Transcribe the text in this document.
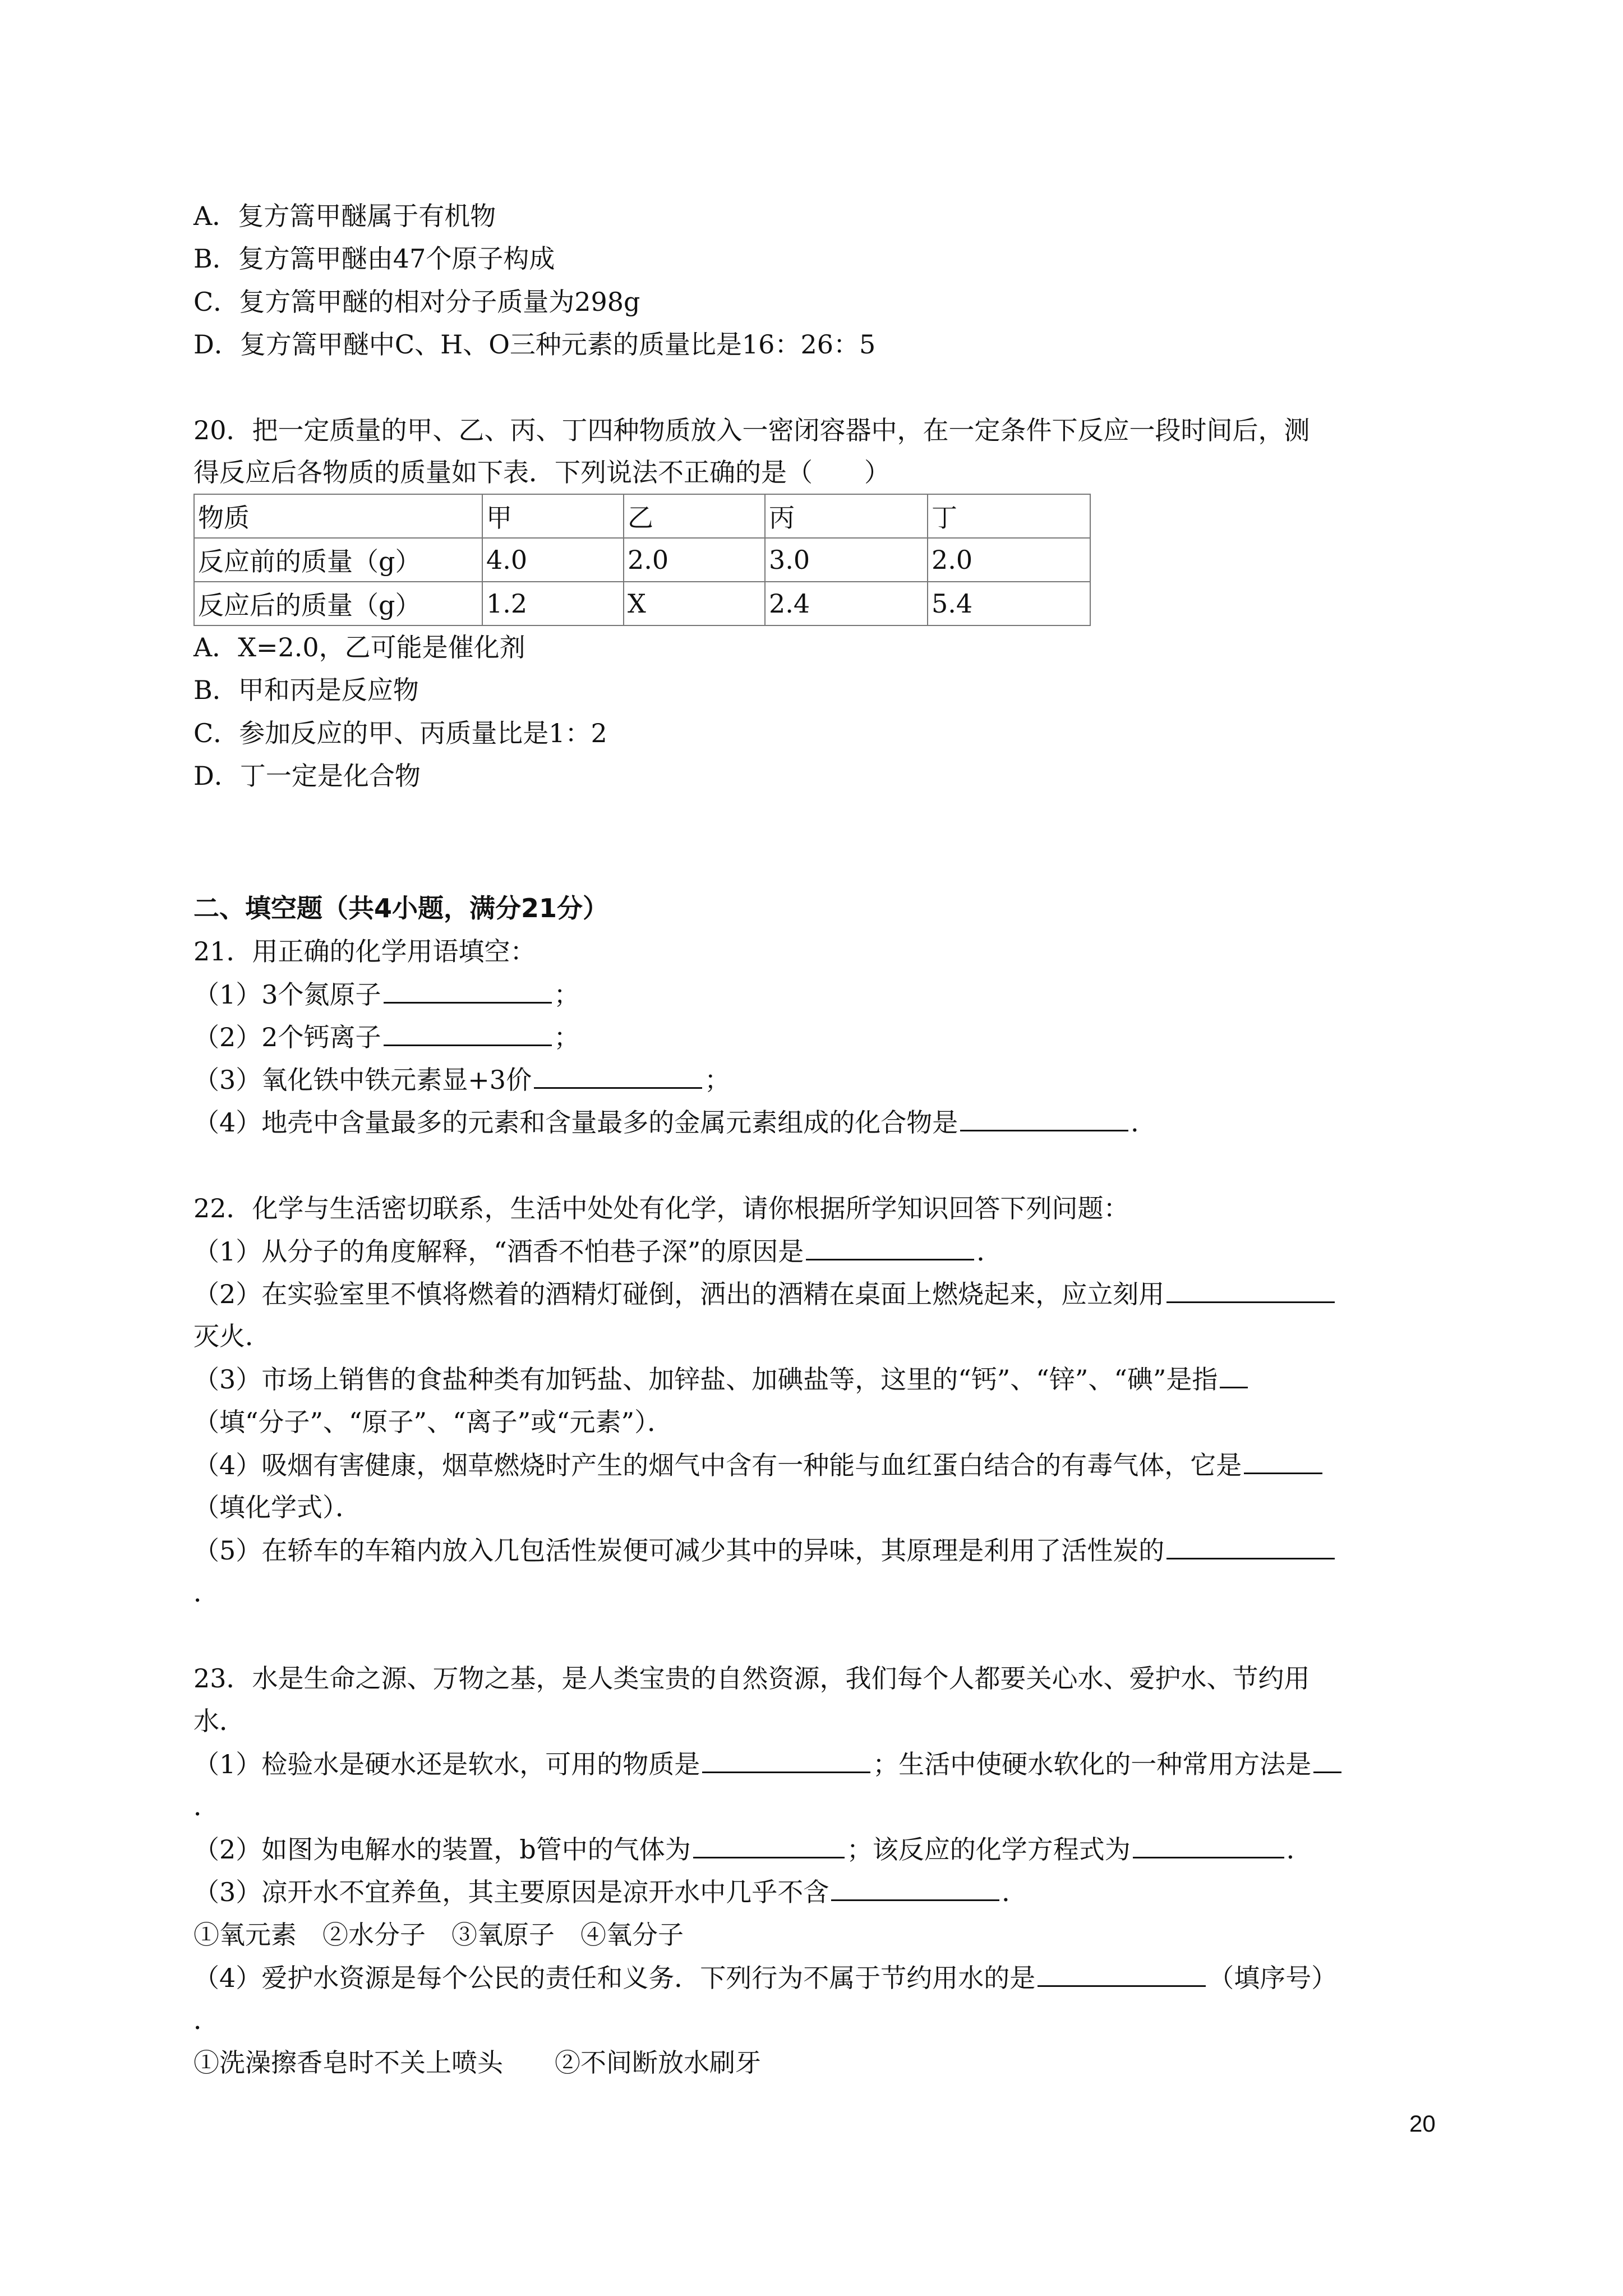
A．复方篙甲醚属于有机物
B．复方篙甲醚由47个原子构成
C．复方篙甲醚的相对分子质量为298g
D．复方篙甲醚中C、H、O三种元素的质量比是16：26：5
20．把一定质量的甲、乙、丙、丁四种物质放入一密闭容器中，在一定条件下反应一段时间后，测
得反应后各物质的质量如下表．下列说法不正确的是（　　）
物质	甲	乙	丙	丁
反应前的质量（g）	4.0	2.0	3.0	2.0
反应后的质量（g）	1.2	X	2.4	5.4
A．X=2.0，乙可能是催化剂
B．甲和丙是反应物
C．参加反应的甲、丙质量比是1：2
D．丁一定是化合物
二、填空题（共4小题，满分21分）
21．用正确的化学用语填空：
（1）3个氮原子	；
（2）2个钙离子	；
（3）氧化铁中铁元素显+3价	；
（4）地壳中含量最多的元素和含量最多的金属元素组成的化合物是	．
22．化学与生活密切联系，生活中处处有化学，请你根据所学知识回答下列问题：
（1）从分子的角度解释，“酒香不怕巷子深”的原因是	．
（2）在实验室里不慎将燃着的酒精灯碰倒，洒出的酒精在桌面上燃烧起来，应立刻用
灭火．
（3）市场上销售的食盐种类有加钙盐、加锌盐、加碘盐等，这里的“钙”、“锌”、“碘”是指
（填“分子”、“原子”、“离子”或“元素”）．
（4）吸烟有害健康，烟草燃烧时产生的烟气中含有一种能与血红蛋白结合的有毒气体，它是
（填化学式）．
（5）在轿车的车箱内放入几包活性炭便可减少其中的异味，其原理是利用了活性炭的
．
23．水是生命之源、万物之基，是人类宝贵的自然资源，我们每个人都要关心水、爱护水、节约用
水．
（1）检验水是硬水还是软水，可用的物质是	；生活中使硬水软化的一种常用方法是
．
（2）如图为电解水的装置，b管中的气体为	；该反应的化学方程式为	．
（3）凉开水不宜养鱼，其主要原因是凉开水中几乎不含	．
①氧元素　②水分子　③氧原子　④氧分子
（4）爱护水资源是每个公民的责任和义务．下列行为不属于节约用水的是	（填序号）
．
①洗澡擦香皂时不关上喷头　　②不间断放水刷牙
20
